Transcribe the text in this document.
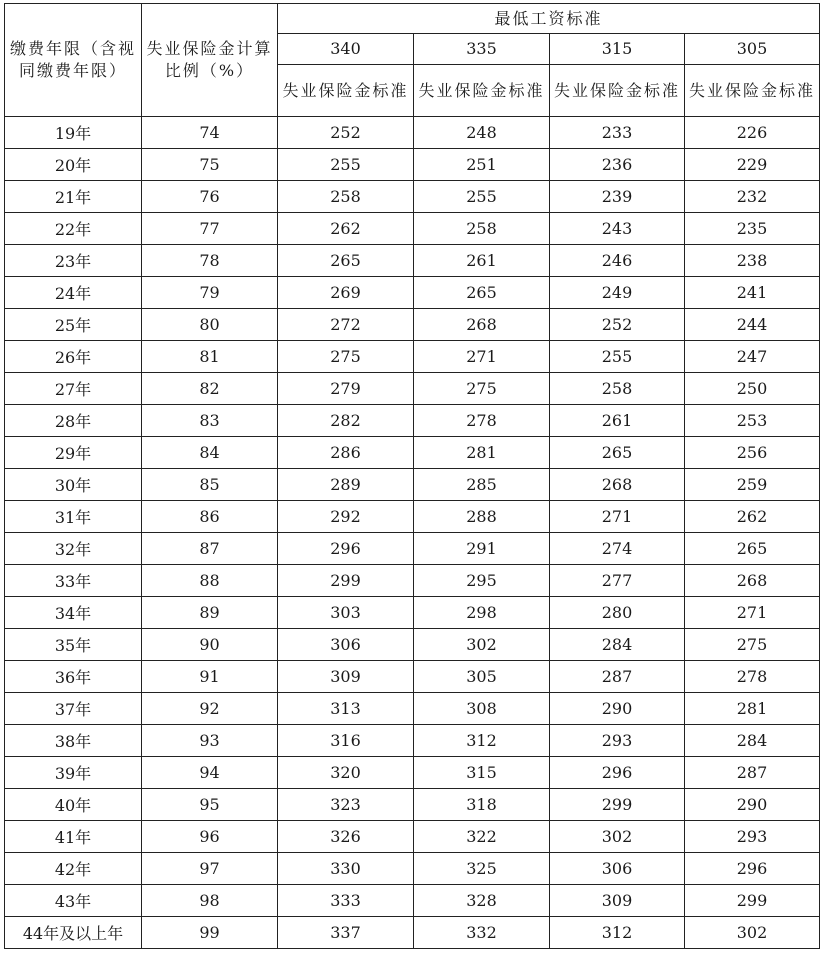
缴费年限（含视同缴费年限）	失业保险金计算比例（%）	最低工资标准			
		340	335	315	305
		失业保险金标准	失业保险金标准	失业保险金标准	失业保险金标准
19年	74	252	248	233	226
20年	75	255	251	236	229
21年	76	258	255	239	232
22年	77	262	258	243	235
23年	78	265	261	246	238
24年	79	269	265	249	241
25年	80	272	268	252	244
26年	81	275	271	255	247
27年	82	279	275	258	250
28年	83	282	278	261	253
29年	84	286	281	265	256
30年	85	289	285	268	259
31年	86	292	288	271	262
32年	87	296	291	274	265
33年	88	299	295	277	268
34年	89	303	298	280	271
35年	90	306	302	284	275
36年	91	309	305	287	278
37年	92	313	308	290	281
38年	93	316	312	293	284
39年	94	320	315	296	287
40年	95	323	318	299	290
41年	96	326	322	302	293
42年	97	330	325	306	296
43年	98	333	328	309	299
44年及以上年	99	337	332	312	302
